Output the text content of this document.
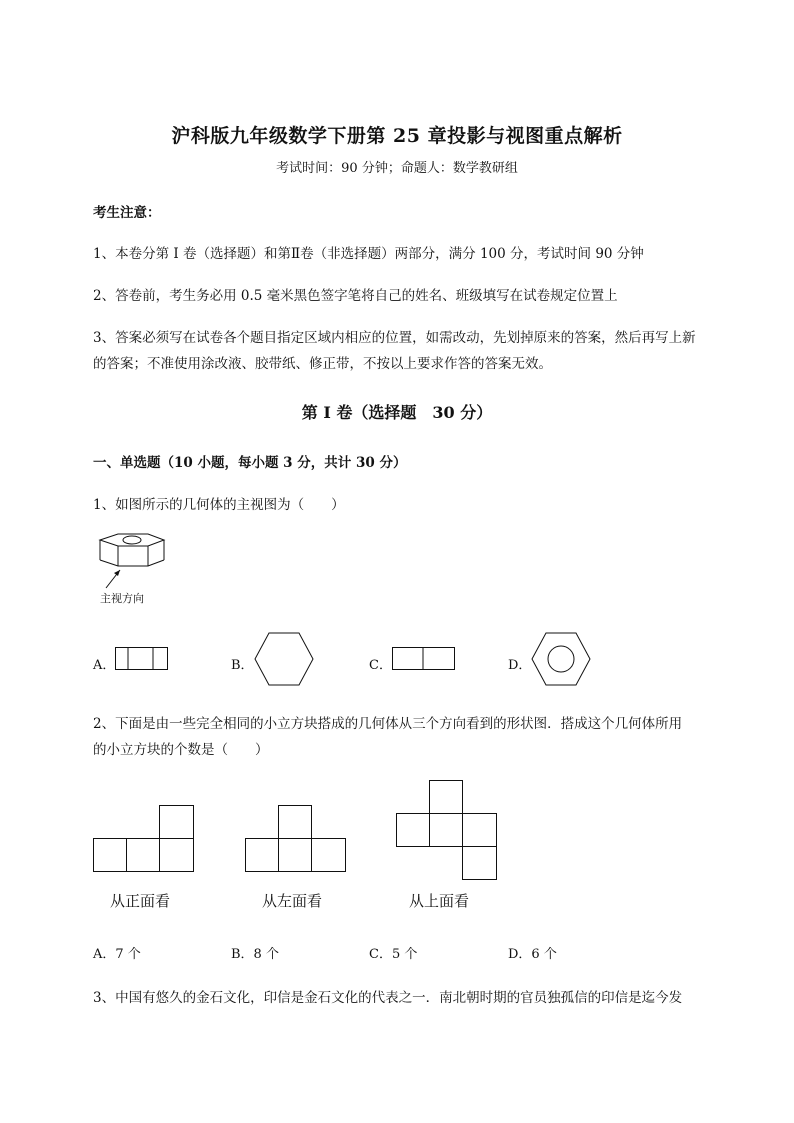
沪科版九年级数学下册第 25 章投影与视图重点解析
考试时间：90 分钟；命题人：数学教研组
考生注意：
1、本卷分第 I 卷（选择题）和第Ⅱ卷（非选择题）两部分，满分 100 分，考试时间 90 分钟
2、答卷前，考生务必用 0.5 毫米黑色签字笔将自己的姓名、班级填写在试卷规定位置上
3、答案必须写在试卷各个题目指定区域内相应的位置，如需改动，先划掉原来的答案，然后再写上新
的答案；不准使用涂改液、胶带纸、修正带，不按以上要求作答的答案无效。
第 I 卷（选择题　30 分）
一、单选题（10 小题，每小题 3 分，共计 30 分）
1、如图所示的几何体的主视图为（　　）
主视方向
A．	B．	C．	D．
2、下面是由一些完全相同的小立方块搭成的几何体从三个方向看到的形状图．搭成这个几何体所用
的小立方块的个数是（　　）
从正面看	从左面看	从上面看
A．7 个	B．8 个	C．5 个	D．6 个
3、中国有悠久的金石文化，印信是金石文化的代表之一．南北朝时期的官员独孤信的印信是迄今发
